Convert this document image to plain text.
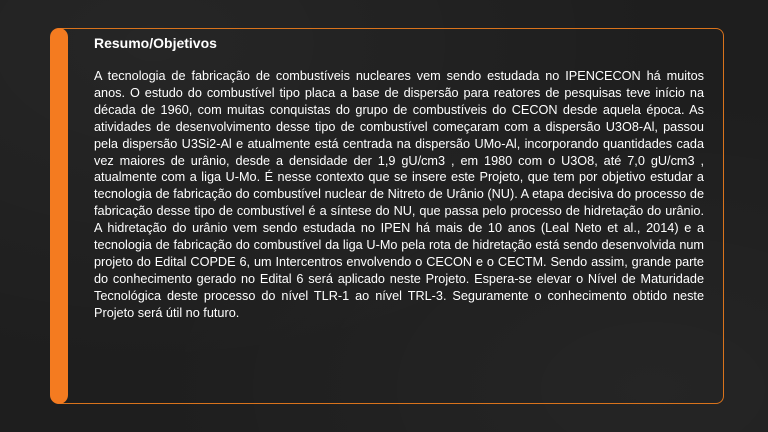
Resumo/Objetivos

A tecnologia de fabricação de combustíveis nucleares vem sendo estudada no IPENCECON há muitos anos. O estudo do combustível tipo placa a base de dispersão para reatores de pesquisas teve início na década de 1960, com muitas conquistas do grupo de combustíveis do CECON desde aquela época. As atividades de desenvolvimento desse tipo de combustível começaram com a dispersão U3O8-Al, passou pela dispersão U3Si2-Al e atualmente está centrada na dispersão UMo-Al, incorporando quantidades cada vez maiores de urânio, desde a densidade der 1,9 gU/cm3 , em 1980 com o U3O8, até 7,0 gU/cm3 , atualmente com a liga U-Mo. É nesse contexto que se insere este Projeto, que tem por objetivo estudar a tecnologia de fabricação do combustível nuclear de Nitreto de Urânio (NU). A etapa decisiva do processo de fabricação desse tipo de combustível é a síntese do NU, que passa pelo processo de hidretação do urânio. A hidretação do urânio vem sendo estudada no IPEN há mais de 10 anos (Leal Neto et al., 2014) e a tecnologia de fabricação do combustível da liga U-Mo pela rota de hidretação está sendo desenvolvida num projeto do Edital COPDE 6, um Intercentros envolvendo o CECON e o CECTM. Sendo assim, grande parte do conhecimento gerado no Edital 6 será aplicado neste Projeto. Espera-se elevar o Nível de Maturidade Tecnológica deste processo do nível TLR-1 ao nível TRL-3. Seguramente o conhecimento obtido neste Projeto será útil no futuro.
